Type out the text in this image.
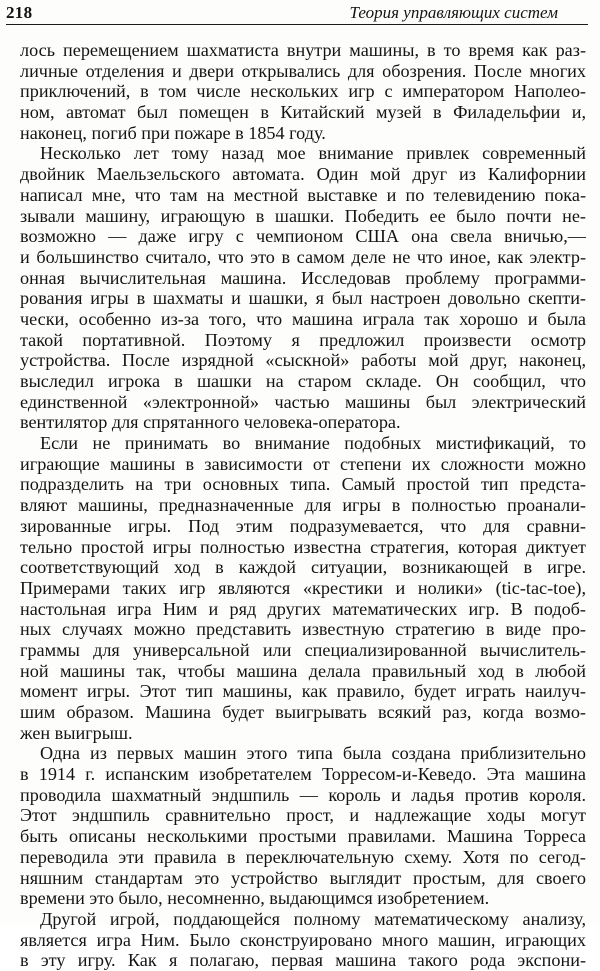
218	Теория управляющих систем
лось перемещением шахматиста внутри машины, в то время как раз-
личные отделения и двери открывались для обозрения. После многих
приключений, в том числе нескольких игр с императором Наполео-
ном, автомат был помещен в Китайский музей в Филадельфии и,
наконец, погиб при пожаре в 1854 году.
Несколько лет тому назад мое внимание привлек современный
двойник Маельзельского автомата. Один мой друг из Калифорнии
написал мне, что там на местной выставке и по телевидению пока-
зывали машину, играющую в шашки. Победить ее было почти не-
возможно — даже игру с чемпионом США она свела вничью,—
и большинство считало, что это в самом деле не что иное, как электр-
онная вычислительная машина. Исследовав проблему программи-
рования игры в шахматы и шашки, я был настроен довольно скепти-
чески, особенно из-за того, что машина играла так хорошо и была
такой портативной. Поэтому я предложил произвести осмотр
устройства. После изрядной «сыскной» работы мой друг, наконец,
выследил игрока в шашки на старом складе. Он сообщил, что
единственной «электронной» частью машины был электрический
вентилятор для спрятанного человека-оператора.
Если не принимать во внимание подобных мистификаций, то
играющие машины в зависимости от степени их сложности можно
подразделить на три основных типа. Самый простой тип предста-
вляют машины, предназначенные для игры в полностью проанали-
зированные игры. Под этим подразумевается, что для сравни-
тельно простой игры полностью известна стратегия, которая диктует
соответствующий ход в каждой ситуации, возникающей в игре.
Примерами таких игр являются «крестики и нолики» (tic-tac-toe),
настольная игра Ним и ряд других математических игр. В подоб-
ных случаях можно представить известную стратегию в виде про-
граммы для универсальной или специализированной вычислитель-
ной машины так, чтобы машина делала правильный ход в любой
момент игры. Этот тип машины, как правило, будет играть наилуч-
шим образом. Машина будет выигрывать всякий раз, когда возмо-
жен выигрыш.
Одна из первых машин этого типа была создана приблизительно
в 1914 г. испанским изобретателем Торресом-и-Кеведо. Эта машина
проводила шахматный эндшпиль — король и ладья против короля.
Этот эндшпиль сравнительно прост, и надлежащие ходы могут
быть описаны несколькими простыми правилами. Машина Торреса
переводила эти правила в переключательную схему. Хотя по сегод-
няшним стандартам это устройство выглядит простым, для своего
времени это было, несомненно, выдающимся изобретением.
Другой игрой, поддающейся полному математическому анализу,
является игра Ним. Было сконструировано много машин, играющих
в эту игру. Как я полагаю, первая машина такого рода экспони-
